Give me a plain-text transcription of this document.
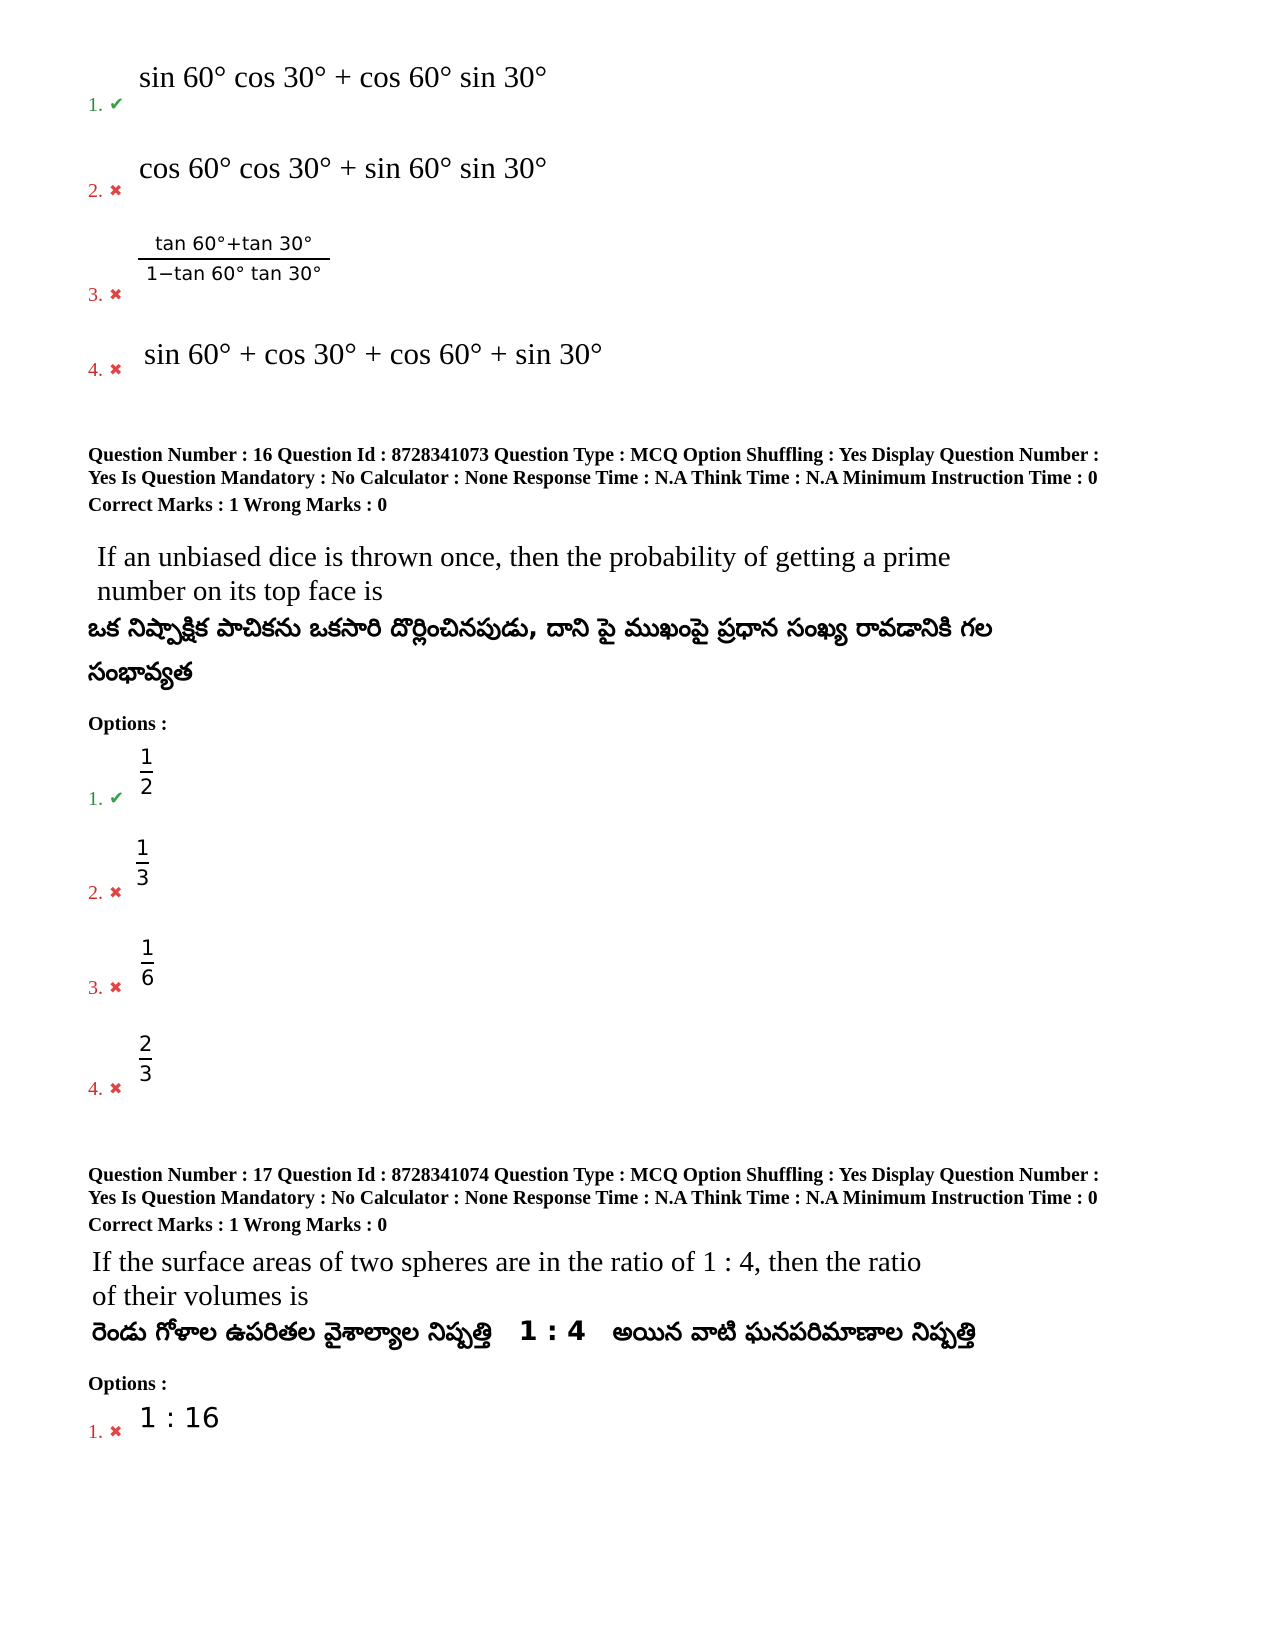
1. ✔
sin 60° cos 30° + cos 60° sin 30°
2. ✖
cos 60° cos 30° + sin 60° sin 30°
3. ✖
tan 60°+tan 30°
1−tan 60° tan 30°
4. ✖ sin 60° + cos 30° + cos 60° + sin 30°
Question Number : 16 Question Id : 8728341073 Question Type : MCQ Option Shuffling : Yes Display Question Number :
Yes Is Question Mandatory : No Calculator : None Response Time : N.A Think Time : N.A Minimum Instruction Time : 0
Correct Marks : 1 Wrong Marks : 0
If an unbiased dice is thrown once, then the probability of getting a prime
number on its top face is
ఒక నిష్పాక్షిక పాచికను ఒకసారి దొర్లించినపుడు, దాని పై ముఖంపై ప్రధాన సంఖ్య రావడానికి గల
సంభావ్యత
Options :
1. ✔
1
2
2. ✖
1
3
3. ✖
1
6
4. ✖
2
3
Question Number : 17 Question Id : 8728341074 Question Type : MCQ Option Shuffling : Yes Display Question Number :
Yes Is Question Mandatory : No Calculator : None Response Time : N.A Think Time : N.A Minimum Instruction Time : 0
Correct Marks : 1 Wrong Marks : 0
If the surface areas of two spheres are in the ratio of 1 : 4, then the ratio
of their volumes is
రెండు గోళాల ఉపరితల వైశాల్యాల నిష్పత్తి 1 : 4 అయిన వాటి ఘనపరిమాణాల నిష్పత్తి
Options :
1. ✖ 1 : 16
